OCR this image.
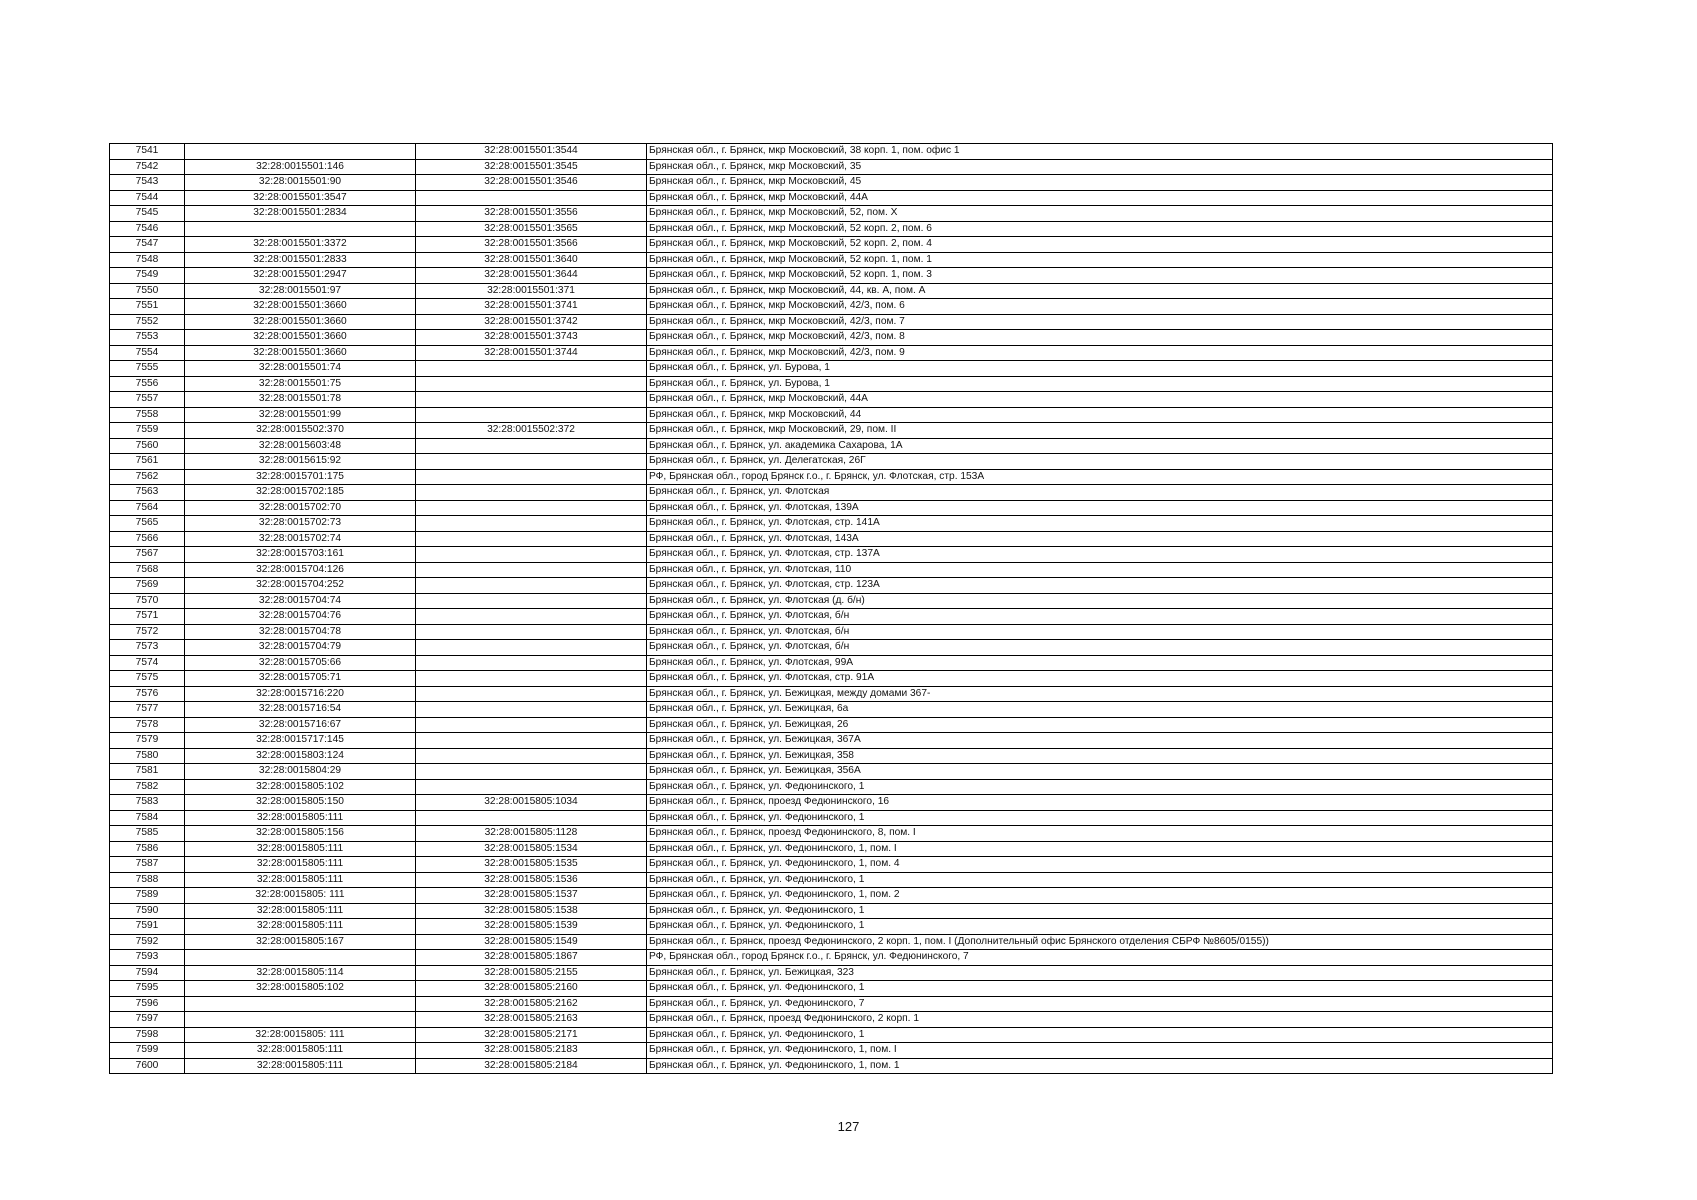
7541		32:28:0015501:3544	Брянская обл., г. Брянск, мкр Московский, 38 корп. 1, пом. офис 1
7542	32:28:0015501:146	32:28:0015501:3545	Брянская обл., г. Брянск, мкр Московский, 35
7543	32:28:0015501:90	32:28:0015501:3546	Брянская обл., г. Брянск, мкр Московский, 45
7544	32:28:0015501:3547		Брянская обл., г. Брянск, мкр Московский, 44А
7545	32:28:0015501:2834	32:28:0015501:3556	Брянская обл., г. Брянск, мкр Московский, 52, пом. X
7546		32:28:0015501:3565	Брянская обл., г. Брянск, мкр Московский, 52 корп. 2, пом. 6
7547	32:28:0015501:3372	32:28:0015501:3566	Брянская обл., г. Брянск, мкр Московский, 52 корп. 2, пом. 4
7548	32:28:0015501:2833	32:28:0015501:3640	Брянская обл., г. Брянск, мкр Московский, 52 корп. 1, пом. 1
7549	32:28:0015501:2947	32:28:0015501:3644	Брянская обл., г. Брянск, мкр Московский, 52 корп. 1, пом. 3
7550	32:28:0015501:97	32:28:0015501:371	Брянская обл., г. Брянск, мкр Московский, 44, кв. А, пом. А
7551	32:28:0015501:3660	32:28:0015501:3741	Брянская обл., г. Брянск, мкр Московский, 42/3, пом. 6
7552	32:28:0015501:3660	32:28:0015501:3742	Брянская обл., г. Брянск, мкр Московский, 42/3, пом. 7
7553	32:28:0015501:3660	32:28:0015501:3743	Брянская обл., г. Брянск, мкр Московский, 42/3, пом. 8
7554	32:28:0015501:3660	32:28:0015501:3744	Брянская обл., г. Брянск, мкр Московский, 42/3, пом. 9
7555	32:28:0015501:74		Брянская обл., г. Брянск, ул. Бурова, 1
7556	32:28:0015501:75		Брянская обл., г. Брянск, ул. Бурова, 1
7557	32:28:0015501:78		Брянская обл., г. Брянск, мкр Московский, 44А
7558	32:28:0015501:99		Брянская обл., г. Брянск, мкр Московский, 44
7559	32:28:0015502:370	32:28:0015502:372	Брянская обл., г. Брянск, мкр Московский, 29, пом. II
7560	32:28:0015603:48		Брянская обл., г. Брянск, ул. академика Сахарова, 1А
7561	32:28:0015615:92		Брянская обл., г. Брянск, ул. Делегатская, 26Г
7562	32:28:0015701:175		РФ, Брянская обл., город Брянск г.о., г. Брянск, ул. Флотская, стр. 153А
7563	32:28:0015702:185		Брянская обл., г. Брянск, ул. Флотская
7564	32:28:0015702:70		Брянская обл., г. Брянск, ул. Флотская, 139А
7565	32:28:0015702:73		Брянская обл., г. Брянск, ул. Флотская, стр. 141А
7566	32:28:0015702:74		Брянская обл., г. Брянск, ул. Флотская, 143А
7567	32:28:0015703:161		Брянская обл., г. Брянск, ул. Флотская, стр. 137А
7568	32:28:0015704:126		Брянская обл., г. Брянск, ул. Флотская, 110
7569	32:28:0015704:252		Брянская обл., г. Брянск, ул. Флотская, стр. 123А
7570	32:28:0015704:74		Брянская обл., г. Брянск, ул. Флотская (д. б/н)
7571	32:28:0015704:76		Брянская обл., г. Брянск, ул. Флотская, б/н
7572	32:28:0015704:78		Брянская обл., г. Брянск, ул. Флотская, б/н
7573	32:28:0015704:79		Брянская обл., г. Брянск, ул. Флотская, б/н
7574	32:28:0015705:66		Брянская обл., г. Брянск, ул. Флотская, 99А
7575	32:28:0015705:71		Брянская обл., г. Брянск, ул. Флотская, стр. 91А
7576	32:28:0015716:220		Брянская обл., г. Брянск, ул. Бежицкая, между домами 367-
7577	32:28:0015716:54		Брянская обл., г. Брянск, ул. Бежицкая, 6а
7578	32:28:0015716:67		Брянская обл., г. Брянск, ул. Бежицкая, 26
7579	32:28:0015717:145		Брянская обл., г. Брянск, ул. Бежицкая, 367А
7580	32:28:0015803:124		Брянская обл., г. Брянск, ул. Бежицкая, 358
7581	32:28:0015804:29		Брянская обл., г. Брянск, ул. Бежицкая, 356А
7582	32:28:0015805:102		Брянская обл., г. Брянск, ул. Федюнинского, 1
7583	32:28:0015805:150	32:28:0015805:1034	Брянская обл., г. Брянск, проезд Федюнинского, 16
7584	32:28:0015805:111		Брянская обл., г. Брянск, ул. Федюнинского, 1
7585	32:28:0015805:156	32:28:0015805:1128	Брянская обл., г. Брянск, проезд Федюнинского, 8, пом. I
7586	32:28:0015805:111	32:28:0015805:1534	Брянская обл., г. Брянск, ул. Федюнинского, 1, пом. I
7587	32:28:0015805:111	32:28:0015805:1535	Брянская обл., г. Брянск, ул. Федюнинского, 1, пом. 4
7588	32:28:0015805:111	32:28:0015805:1536	Брянская обл., г. Брянск, ул. Федюнинского, 1
7589	32:28:0015805: 111	32:28:0015805:1537	Брянская обл., г. Брянск, ул. Федюнинского, 1, пом. 2
7590	32:28:0015805:111	32:28:0015805:1538	Брянская обл., г. Брянск, ул. Федюнинского, 1
7591	32:28:0015805:111	32:28:0015805:1539	Брянская обл., г. Брянск, ул. Федюнинского, 1
7592	32:28:0015805:167	32:28:0015805:1549	Брянская обл., г. Брянск, проезд Федюнинского, 2 корп. 1, пом. I (Дополнительный офис Брянского отделения СБРФ №8605/0155))
7593		32:28:0015805:1867	РФ, Брянская обл., город Брянск г.о., г. Брянск, ул. Федюнинского, 7
7594	32:28:0015805:114	32:28:0015805:2155	Брянская обл., г. Брянск, ул. Бежицкая, 323
7595	32:28:0015805:102	32:28:0015805:2160	Брянская обл., г. Брянск, ул. Федюнинского, 1
7596		32:28:0015805:2162	Брянская обл., г. Брянск, ул. Федюнинского, 7
7597		32:28:0015805:2163	Брянская обл., г. Брянск, проезд Федюнинского, 2 корп. 1
7598	32:28:0015805: 111	32:28:0015805:2171	Брянская обл., г. Брянск, ул. Федюнинского, 1
7599	32:28:0015805:111	32:28:0015805:2183	Брянская обл., г. Брянск, ул. Федюнинского, 1, пом. I
7600	32:28:0015805:111	32:28:0015805:2184	Брянская обл., г. Брянск, ул. Федюнинского, 1, пом. 1
127
